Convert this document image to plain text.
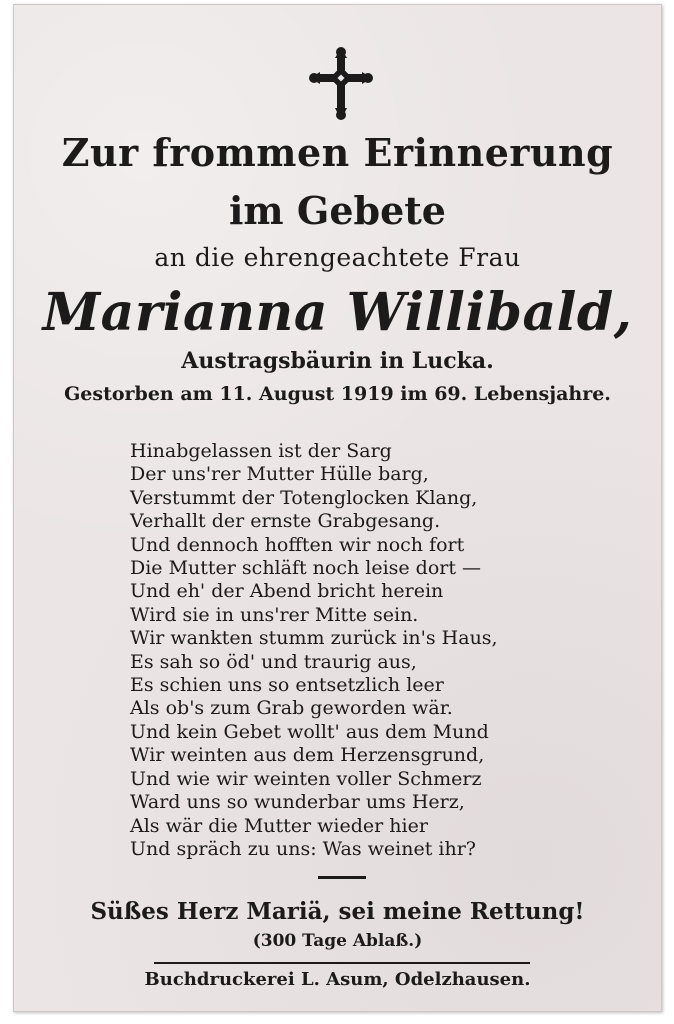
Zur frommen Erinnerung
im Gebete
an die ehrengeachtete Frau
Marianna Willibald,
Austragsbäurin in Lucka.
Gestorben am 11. August 1919 im 69. Lebensjahre.
Hinabgelassen ist der Sarg
Der uns'rer Mutter Hülle barg,
Verstummt der Totenglocken Klang,
Verhallt der ernste Grabgesang.
Und dennoch hofften wir noch fort
Die Mutter schläft noch leise dort —
Und eh' der Abend bricht herein
Wird sie in uns'rer Mitte sein.
Wir wankten stumm zurück in's Haus,
Es sah so öd' und traurig aus,
Es schien uns so entsetzlich leer
Als ob's zum Grab geworden wär.
Und kein Gebet wollt' aus dem Mund
Wir weinten aus dem Herzensgrund,
Und wie wir weinten voller Schmerz
Ward uns so wunderbar ums Herz,
Als wär die Mutter wieder hier
Und spräch zu uns: Was weinet ihr?
Süßes Herz Mariä, sei meine Rettung!
(300 Tage Ablaß.)
Buchdruckerei L. Asum, Odelzhausen.
